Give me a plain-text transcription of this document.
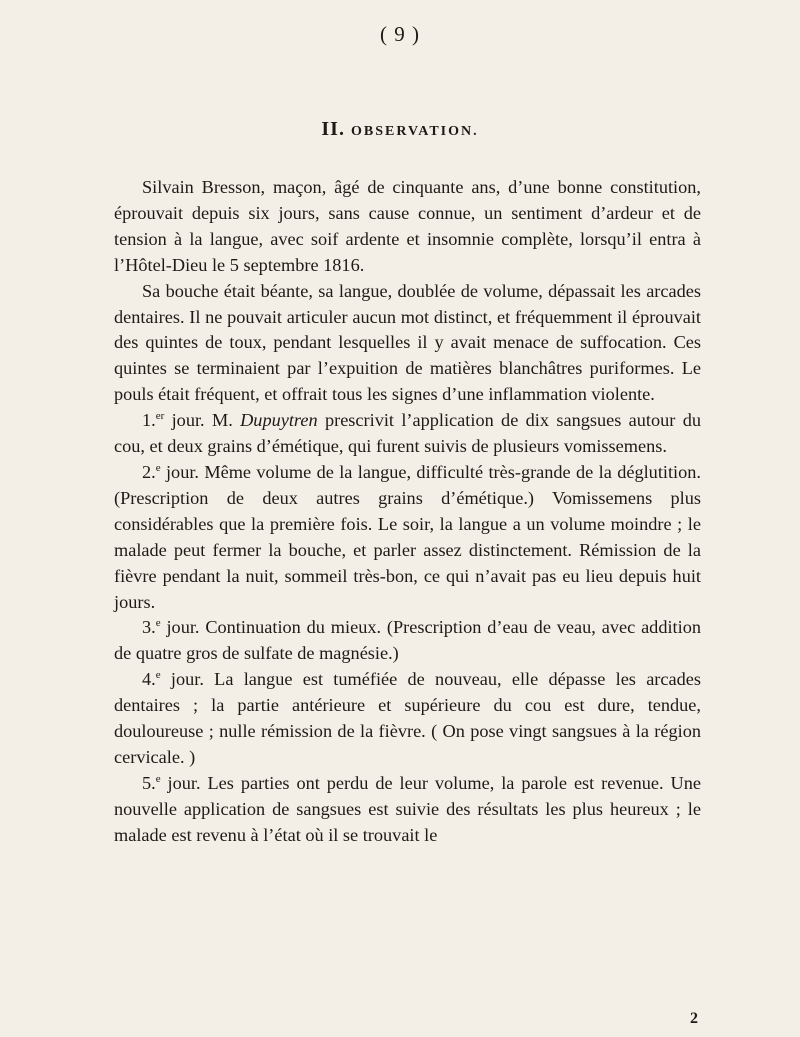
( 9 )
II. OBSERVATION.

Silvain Bresson, maçon, âgé de cinquante ans, d’une bonne constitution, éprouvait depuis six jours, sans cause connue, un sentiment d’ardeur et de tension à la langue, avec soif ardente et insomnie complète, lorsqu’il entra à l’Hôtel-Dieu le 5 septembre 1816.

Sa bouche était béante, sa langue, doublée de volume, dépassait les arcades dentaires. Il ne pouvait articuler aucun mot distinct, et fréquemment il éprouvait des quintes de toux, pendant lesquelles il y avait menace de suffocation. Ces quintes se terminaient par l’expuition de matières blanchâtres puriformes. Le pouls était fréquent, et offrait tous les signes d’une inflammation violente.

1.$^{er}$ jour. M. Dupuytren prescrivit l’application de dix sangsues autour du cou, et deux grains d’émétique, qui furent suivis de plusieurs vomissemens.

2.$^e$ jour. Même volume de la langue, difficulté très-grande de la déglutition. (Prescription de deux autres grains d’émétique.) Vomissemens plus considérables que la première fois. Le soir, la langue a un volume moindre ; le malade peut fermer la bouche, et parler assez distinctement. Rémission de la fièvre pendant la nuit, sommeil très-bon, ce qui n’avait pas eu lieu depuis huit jours.

3.$^e$ jour. Continuation du mieux. (Prescription d’eau de veau, avec addition de quatre gros de sulfate de magnésie.)

4.$^e$ jour. La langue est tuméfiée de nouveau, elle dépasse les arcades dentaires ; la partie antérieure et supérieure du cou est dure, tendue, douloureuse ; nulle rémission de la fièvre. ( On pose vingt sangsues à la région cervicale. )

5.$^e$ jour. Les parties ont perdu de leur volume, la parole est revenue. Une nouvelle application de sangsues est suivie des résultats les plus heureux ; le malade est revenu à l’état où il se trouvait le

2
